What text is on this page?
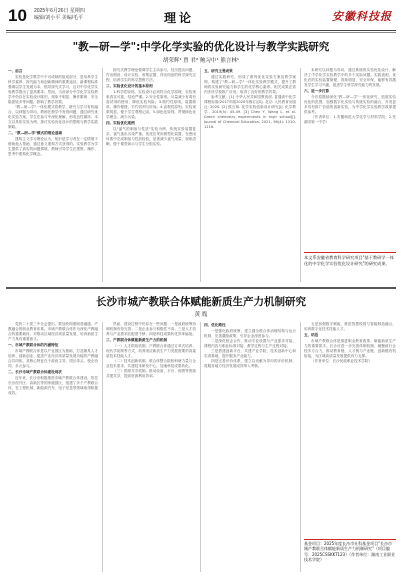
10 2025年6月26日 星期四
编辑/刘小平 美编/毛平	理论	安徽科技报
"教—研—学":中学化学实验的优化设计与教学实践研究
胡荣辉¹ 曾 君² 鲍习中¹ 熊言林¹
一、前言
实验是化学教学中不可或缺的组成部分，是培养学生科学素养、探究能力和创新精神的重要途径。新课程标准强调以学生发展为本，倡导探究式学习，这对中学化学实验教学提出了更高要求。然而，当前部分中学化学实验教学中仍存在实验设计陈旧、现象不明显、操作繁琐、安全隐患较多等问题，影响了教学效果。
"教—研—学"一体化模式将教学、研究与学习有机融合，以问题为导向，教师在教学中发现问题，通过研究优化实验方案，学生在参与中深化理解，形成良性循环。本文以具体实验为例，探讨实验优化设计的思路与教学实践策略。
二、"教—研—学"模式的理论基础
建构主义学习理论认为，知识是学习者在一定情境下借助他人帮助，通过意义建构方式获得的。实验教学为学生提供了真实的问题情境，教师引导学生在观察、操作、思考中建构化学概念。
探究式教学理论强调学生主动参与，经历提出问题、作出假设、设计实验、收集证据、得出结论的科学探究过程，培养学生的科学思维方法。
三、实验优化设计的基本原则
1.科学性原则。实验设计必须符合化学原理，实验现象真实可靠，结论严谨。2.安全性原则。尽量减少有毒有害试剂的使用，降低实验风险。3.简约性原则。装置简单，操作便捷，节约试剂与时间。4.直观性原则。实验现象明显，便于学生观察记录。5.绿色化原则。贯彻绿色化学理念，减少污染。
四、实验优化案例
以"氯气的制备与性质"实验为例，传统实验装置复杂，氯气逸出污染严重。优化后采用微型化装置，在密闭体系中完成制备与性质检验，显著减少氯气用量，现象清晰，便于课堂演示与学生分组实验。
五、研究主要成果
通过实践研究，形成了系列优化实验方案及教学案例，构建了"教—研—学"一体化实验教学模式，提升了教师的实验研究能力和学生的化学核心素养。相关成果在省内多所学校推广应用，取得了良好的教学效果。
参考文献：[1] 中华人民共和国教育部. 普通高中化学课程标准(2017年版2020年修订)[S]. 北京: 人民教育出版社, 2020. [2] 熊言林. 化学实验创新设计研究[J]. 化学教学, 2019(5): 45-49. [3] Chen Y, Wang L, et al. Green chemistry experiments in high school[J]. Journal of Chemical Education, 2021, 98(4): 1210-1216.
本研究以问题为导向，通过系统的实验优化设计，解决了中学化学实验教学中的多个实际问题。实践表明，优化后的实验装置简便、现象明显、安全环保，能够有效激发学生学习兴趣，促进学生科学探究能力的发展。
六、进一步打算
今后将继续深化"教—研—学"一体化研究，拓展实验优化的范围，加强数字化实验与传统实验的融合，开发更多具有推广价值的创新实验，为中学化学实验教学改革提供参考。
（作者单位：1.安徽师范大学化学与材料学院；2.芜湖市第一中学）
本文系安徽省教育科学研究项目"基于教研学一体化的中学化学实验优化设计研究"的研究成果。
长沙市城产教联合体赋能新质生产力机制研究
黄 胤
党的二十届三中全会提出，要加快构建职普融通、产教融合的职业教育体系。市域产教联合体作为深化产教融合的重要载体，对推动区域经济高质量发展、培育新质生产力具有重要意义。
一、市域产教联合体的内涵特征
市域产教联合体是以产业园区为基础，打造兼具人才培养、创新创业、促进产业经济高质量发展功能的产教融合共同体。其核心特征在于政府主导、园区牵头、校企协同、多元参与。
二、长沙市域产教联合体建设现状
近年来，长沙市积极推进市域产教联合体建设，依托长沙经开区、高新区等国家级园区，组建了多个产教联合体，在工程机械、新能源汽车、电子信息等领域取得积极成效。
然而，建设过程中仍存在一些问题：一是政府统筹协调机制有待完善；二是企业参与积极性不高；三是人才培养与产业需求匹配度不够；四是科技成果转化效率偏低。
三、产教联合体赋能新质生产力的机制
（一）人才供给机制。产教联合体通过订单式培养、现代学徒制等方式，培养适应新质生产力发展需要的高素质技术技能人才。
（二）技术创新机制。联合体整合院校科研力量与企业技术需求，共建技术研发中心，加速科技成果转化。
（三）资源共享机制。推动设备、平台、师资等资源共建共享，提高资源利用效率。
四、优化路径
一是强化政府统筹，建立健全联合体治理结构与运行机制，完善激励政策，引导企业深度参与。
二是深化校企合作，推动专业设置与产业需求对接、课程内容与职业标准对接、教学过程与生产过程对接。
三是搭建创新平台，共建产业学院、技术创新中心和实训基地，提升服务产业能力。
四是完善评价体系，建立以贡献为导向的评价机制，将服务地方经济发展成效纳入考核。
五是加强数字赋能，推进智慧校园与智能制造融合，培育数字化技术技能人才。
五、结语
市域产教联合体是推进职业教育改革、赋能新质生产力的重要抓手。长沙应进一步完善体制机制，凝聚政行企校多方合力，推动教育链、人才链与产业链、创新链有机衔接，为区域高质量发展提供有力支撑。
（作者单位：长沙民政职业技术学院）
基金项目：2025年度长沙市社科基金项目"长沙市城产教联合体赋能新质生产力机制研究"（项目编号：2025CSSKKT123）（作者单位：湖南工业职业技术学院）
